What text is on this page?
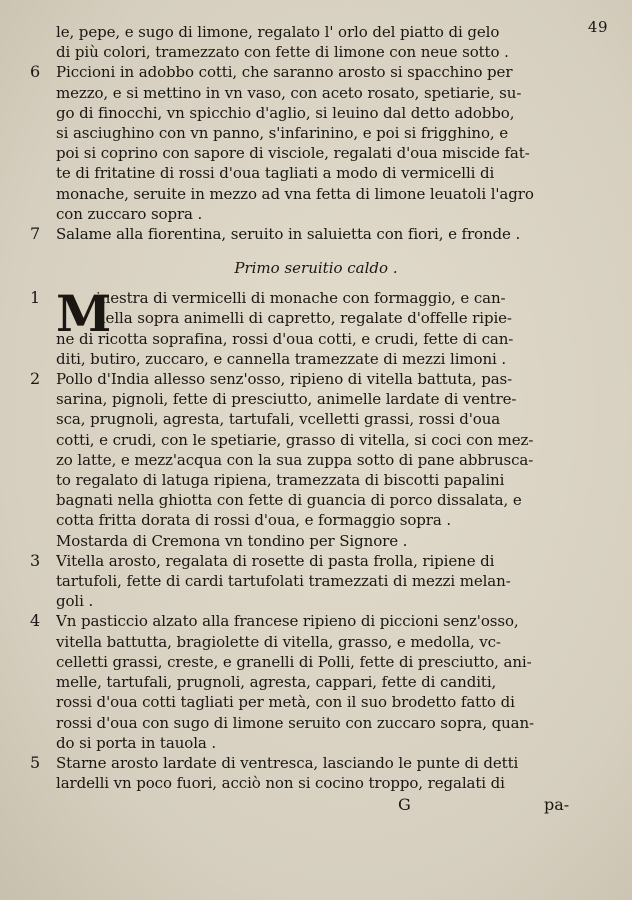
49
le, pepe, e sugo di limone, regalato l' orlo del piatto di gelo
di più colori, tramezzato con fette di limone con neue sotto .
6 Piccioni in adobbo cotti, che saranno arosto si spacchino per
mezzo, e si mettino in vn vaso, con aceto rosato, spetiarie, su-
go di finocchi, vn spicchio d'aglio, si leuino dal detto adobbo,
si asciughino con vn panno, s'infarinino, e poi si frigghino, e
poi si coprino con sapore di visciole, regalati d'oua miscide fat-
te di fritatine di rossi d'oua tagliati a modo di vermicelli di
monache, seruite in mezzo ad vna fetta di limone leuatoli l'agro
con zuccaro sopra .
7 Salame alla fiorentina, seruito in saluietta con fiori, e fronde .
Primo seruitio caldo .
1 M
inestra di vermicelli di monache con formaggio, e can-
nella sopra animelli di capretto, regalate d'offelle ripie-
ne di ricotta soprafina, rossi d'oua cotti, e crudi, fette di can-
diti, butiro, zuccaro, e cannella tramezzate di mezzi limoni .
2 Pollo d'India allesso senz'osso, ripieno di vitella battuta, pas-
sarina, pignoli, fette di presciutto, animelle lardate di ventre-
sca, prugnoli, agresta, tartufali, vcelletti grassi, rossi d'oua
cotti, e crudi, con le spetiarie, grasso di vitella, si coci con mez-
zo latte, e mezz'acqua con la sua zuppa sotto di pane abbrusca-
to regalato di latuga ripiena, tramezzata di biscotti papalini
bagnati nella ghiotta con fette di guancia di porco dissalata, e
cotta fritta dorata di rossi d'oua, e formaggio sopra .
Mostarda di Cremona vn tondino per Signore .
3 Vitella arosto, regalata di rosette di pasta frolla, ripiene di
tartufoli, fette di cardi tartufolati tramezzati di mezzi melan-
goli .
4 Vn pasticcio alzato alla francese ripieno di piccioni senz'osso,
vitella battutta, bragiolette di vitella, grasso, e medolla, vc-
celletti grassi, creste, e granelli di Polli, fette di presciutto, ani-
melle, tartufali, prugnoli, agresta, cappari, fette di canditi,
rossi d'oua cotti tagliati per metà, con il suo brodetto fatto di
rossi d'oua con sugo di limone seruito con zuccaro sopra, quan-
do si porta in tauola .
5 Starne arosto lardate di ventresca, lasciando le punte di detti
lardelli vn poco fuori, acciò non si cocino troppo, regalati di
G	pa-
